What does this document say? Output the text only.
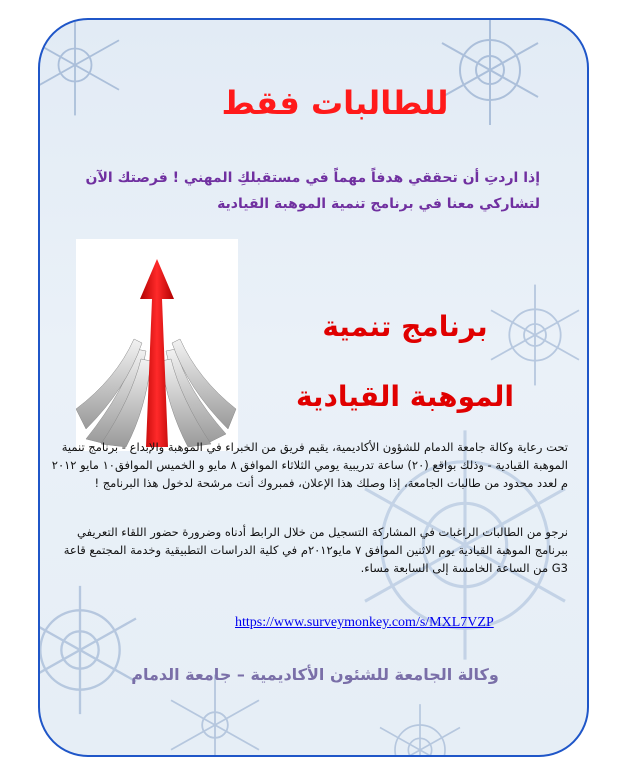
للطالبات فقط
إذا اردتِ أن تحققي هدفاً مهماً في مستقبلكِ المهني ! فرصتك الآن لتشاركي معنا في برنامج تنمية الموهبة القيادية
برنامج تنمية
الموهبة القيادية
تحت رعاية وكالة جامعة الدمام للشؤون الأكاديمية، يقيم فريق من الخبراء في الموهبة والإبداع - برنامج تنمية الموهبة القيادية - وذلك بواقع (٢٠) ساعة تدريبية يومي الثلاثاء الموافق ٨ مايو و الخميس الموافق١٠ مايو ٢٠١٢ م لعدد محدود من طالبات الجامعة، إذا وصلك هذا الإعلان، فمبروك أنت مرشحة لدخول هذا البرنامج !
نرجو من الطالبات الراغبات في المشاركة التسجيل من خلال الرابط أدناه وضرورة حضور اللقاء التعريفي ببرنامج الموهبة القيادية يوم الاثنين الموافق ٧ مايو٢٠١٢م في كلية الدراسات التطبيقية وخدمة المجتمع قاعة G3 من الساعة الخامسة إلى السابعة مساء.
https://www.surveymonkey.com/s/MXL7VZP
وكالة الجامعة للشئون الأكاديمية – جامعة الدمام
